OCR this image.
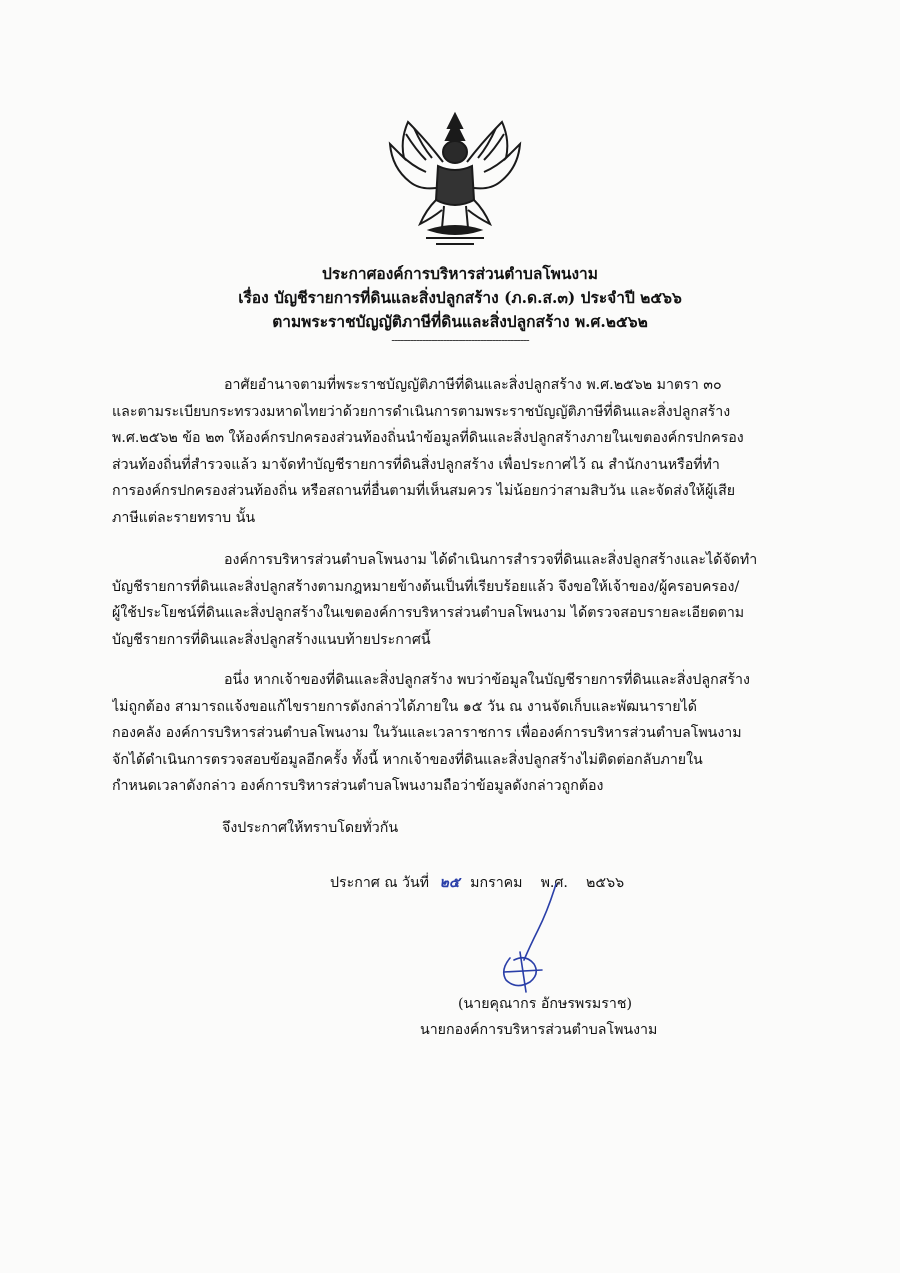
ประกาศองค์การบริหารส่วนตำบลโพนงาม
เรื่อง บัญชีรายการที่ดินและสิ่งปลูกสร้าง (ภ.ด.ส.๓) ประจำปี ๒๕๖๖
ตามพระราชบัญญัติภาษีที่ดินและสิ่งปลูกสร้าง พ.ศ.๒๕๖๒
---------------------------------------------
อาศัยอำนาจตามที่พระราชบัญญัติภาษีที่ดินและสิ่งปลูกสร้าง พ.ศ.๒๕๖๒ มาตรา ๓๐
และตามระเบียบกระทรวงมหาดไทยว่าด้วยการดำเนินการตามพระราชบัญญัติภาษีที่ดินและสิ่งปลูกสร้าง
พ.ศ.๒๕๖๒ ข้อ ๒๓ ให้องค์กรปกครองส่วนท้องถิ่นนำข้อมูลที่ดินและสิ่งปลูกสร้างภายในเขตองค์กรปกครอง
ส่วนท้องถิ่นที่สำรวจแล้ว มาจัดทำบัญชีรายการที่ดินสิ่งปลูกสร้าง เพื่อประกาศไว้ ณ สำนักงานหรือที่ทำ
การองค์กรปกครองส่วนท้องถิ่น หรือสถานที่อื่นตามที่เห็นสมควร ไม่น้อยกว่าสามสิบวัน และจัดส่งให้ผู้เสีย
ภาษีแต่ละรายทราบ นั้น
องค์การบริหารส่วนตำบลโพนงาม ได้ดำเนินการสำรวจที่ดินและสิ่งปลูกสร้างและได้จัดทำ
บัญชีรายการที่ดินและสิ่งปลูกสร้างตามกฎหมายข้างต้นเป็นที่เรียบร้อยแล้ว จึงขอให้เจ้าของ/ผู้ครอบครอง/
ผู้ใช้ประโยชน์ที่ดินและสิ่งปลูกสร้างในเขตองค์การบริหารส่วนตำบลโพนงาม ได้ตรวจสอบรายละเอียดตาม
บัญชีรายการที่ดินและสิ่งปลูกสร้างแนบท้ายประกาศนี้
อนึ่ง หากเจ้าของที่ดินและสิ่งปลูกสร้าง พบว่าข้อมูลในบัญชีรายการที่ดินและสิ่งปลูกสร้าง
ไม่ถูกต้อง สามารถแจ้งขอแก้ไขรายการดังกล่าวได้ภายใน ๑๕ วัน ณ งานจัดเก็บและพัฒนารายได้
กองคลัง องค์การบริหารส่วนตำบลโพนงาม ในวันและเวลาราชการ เพื่อองค์การบริหารส่วนตำบลโพนงาม
จักได้ดำเนินการตรวจสอบข้อมูลอีกครั้ง ทั้งนี้ หากเจ้าของที่ดินและสิ่งปลูกสร้างไม่ติดต่อกลับภายใน
กำหนดเวลาดังกล่าว องค์การบริหารส่วนตำบลโพนงามถือว่าข้อมูลดังกล่าวถูกต้อง
จึงประกาศให้ทราบโดยทั่วกัน
ประกาศ ณ วันที่ ๒๕ มกราคม พ.ศ. ๒๕๖๖
(นายคุณากร อักษรพรมราช)
นายกองค์การบริหารส่วนตำบลโพนงาม
